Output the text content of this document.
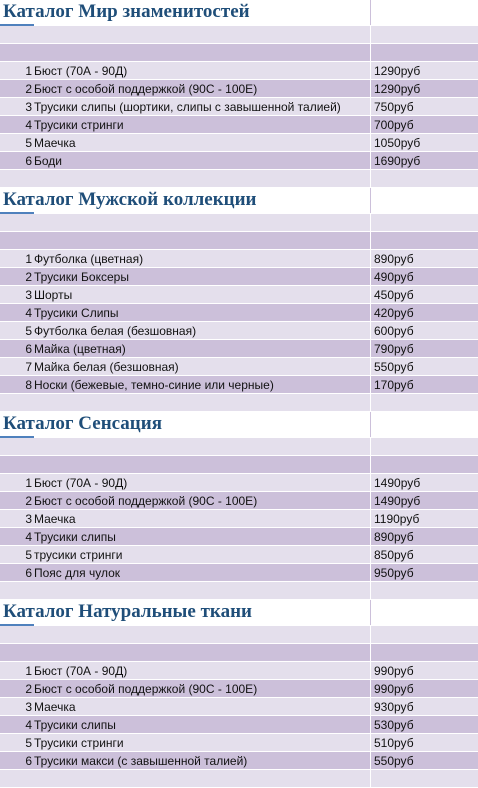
Каталог Мир знаменитостей
1 Бюст (70А - 90Д)	1290руб
2 Бюст с особой поддержкой (90С - 100Е)	1290руб
3 Трусики слипы (шортики, слипы с завышенной талией)	750руб
4 Трусики стринги	700руб
5 Маечка	1050руб
6 Боди	1690руб
Каталог Мужской коллекции
1 Футболка (цветная)	890руб
2 Трусики Боксеры	490руб
3 Шорты	450руб
4 Трусики Слипы	420руб
5 Футболка белая (безшовная)	600руб
6 Майка (цветная)	790руб
7 Майка белая (безшовная)	550руб
8 Носки (бежевые, темно-синие или черные)	170руб
Каталог Сенсация
1 Бюст (70А - 90Д)	1490руб
2 Бюст с особой поддержкой (90С - 100Е)	1490руб
3 Маечка	1190руб
4 Трусики слипы	890руб
5 трусики стринги	850руб
6 Пояс для чулок	950руб
Каталог Натуральные ткани
1 Бюст (70А - 90Д)	990руб
2 Бюст с особой поддержкой (90С - 100Е)	990руб
3 Маечка	930руб
4 Трусики слипы	530руб
5 Трусики стринги	510руб
6 Трусики макси (с завышенной талией)	550руб
